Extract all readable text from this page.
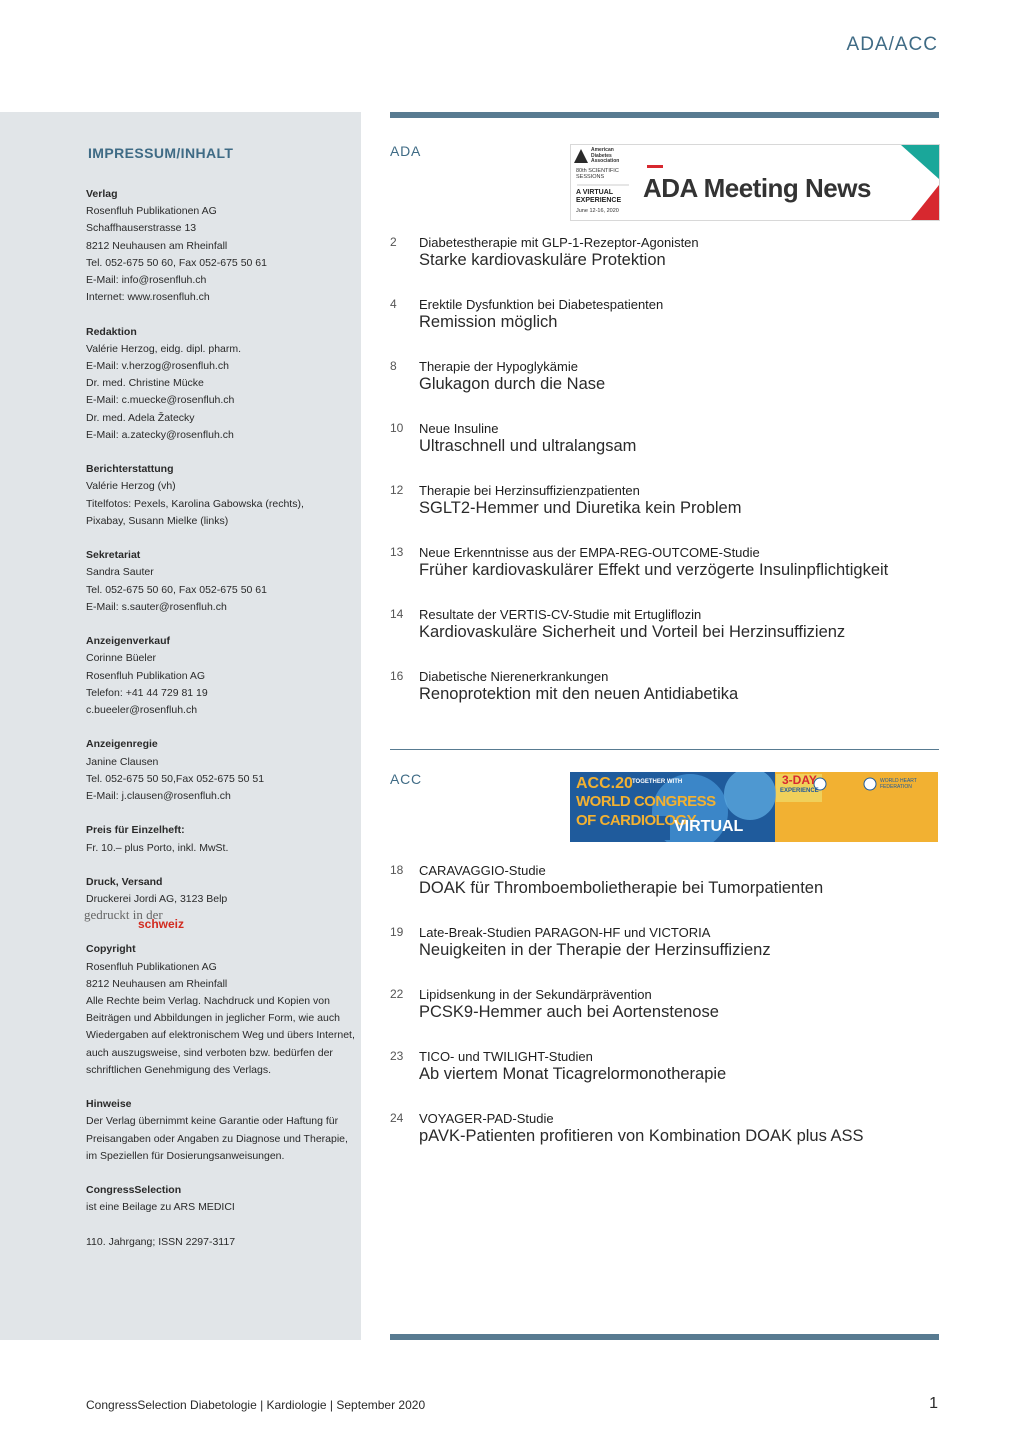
ADA/ACC
IMPRESSUM/INHALT
Verlag
Rosenfluh Publikationen AG
Schaffhauserstrasse 13
8212 Neuhausen am Rheinfall
Tel. 052-675 50 60, Fax 052-675 50 61
E-Mail: info@rosenfluh.ch
Internet: www.rosenfluh.ch
Redaktion
Valérie Herzog, eidg. dipl. pharm.
E-Mail: v.herzog@rosenfluh.ch
Dr. med. Christine Mücke
E-Mail: c.muecke@rosenfluh.ch
Dr. med. Adela Žatecky
E-Mail: a.zatecky@rosenfluh.ch
Berichterstattung
Valérie Herzog (vh)
Titelfotos: Pexels, Karolina Gabowska (rechts),
Pixabay, Susann Mielke (links)
Sekretariat
Sandra Sauter
Tel. 052-675 50 60, Fax 052-675 50 61
E-Mail: s.sauter@rosenfluh.ch
Anzeigenverkauf
Corinne Büeler
Rosenfluh Publikation AG
Telefon: +41 44 729 81 19
c.bueeler@rosenfluh.ch
Anzeigenregie
Janine Clausen
Tel. 052-675 50 50,Fax 052-675 50 51
E-Mail: j.clausen@rosenfluh.ch
Preis für Einzelheft:
Fr. 10.– plus Porto, inkl. MwSt.
Druck, Versand
Druckerei Jordi AG, 3123 Belp
gedruckt in der
schweiz
Copyright
Rosenfluh Publikationen AG
8212 Neuhausen am Rheinfall
Alle Rechte beim Verlag. Nachdruck und Kopien von Beiträgen und Abbildungen in jeglicher Form, wie auch Wiedergaben auf elektronischem Weg und übers Internet, auch auszugsweise, sind verboten bzw. bedürfen der schriftlichen Genehmigung des Verlags.
Hinweise
Der Verlag übernimmt keine Garantie oder Haftung für Preisangaben oder Angaben zu Diagnose und Therapie, im Speziellen für Dosierungsanweisungen.
CongressSelection
ist eine Beilage zu ARS MEDICI
110. Jahrgang; ISSN 2297-3117
ADA	American Diabetes Association
80th SCIENTIFIC SESSIONS
A VIRTUAL EXPERIENCE
June 12-16, 2020
ADA Meeting News
2 Diabetestherapie mit GLP-1-Rezeptor-Agonisten
Starke kardiovaskuläre Protektion
4 Erektile Dysfunktion bei Diabetespatienten
Remission möglich
8 Therapie der Hypoglykämie
Glukagon durch die Nase
10 Neue Insuline
Ultraschnell und ultralangsam
12 Therapie bei Herzinsuffizienzpatienten
SGLT2-Hemmer und Diuretika kein Problem
13 Neue Erkenntnisse aus der EMPA-REG-OUTCOME-Studie
Früher kardiovaskulärer Effekt und verzögerte Insulinpflichtigkeit
14 Resultate der VERTIS-CV-Studie mit Ertugliflozin
Kardiovaskuläre Sicherheit und Vorteil bei Herzinsuffizienz
16 Diabetische Nierenerkrankungen
Renoprotektion mit den neuen Antidiabetika
ACC	ACC.20 TOGETHER WITH
WORLD CONGRESS
OF CARDIOLOGY
VIRTUAL
3-DAY
EXPERIENCE
WORLD HEART FEDERATION
18 CARAVAGGIO-Studie
DOAK für Thromboembolietherapie bei Tumorpatienten
19 Late-Break-Studien PARAGON-HF und VICTORIA
Neuigkeiten in der Therapie der Herzinsuffizienz
22 Lipidsenkung in der Sekundärprävention
PCSK9-Hemmer auch bei Aortenstenose
23 TICO- und TWILIGHT-Studien
Ab viertem Monat Ticagrelormonotherapie
24 VOYAGER-PAD-Studie
pAVK-Patienten profitieren von Kombination DOAK plus ASS
CongressSelection Diabetologie | Kardiologie | September 2020	1
